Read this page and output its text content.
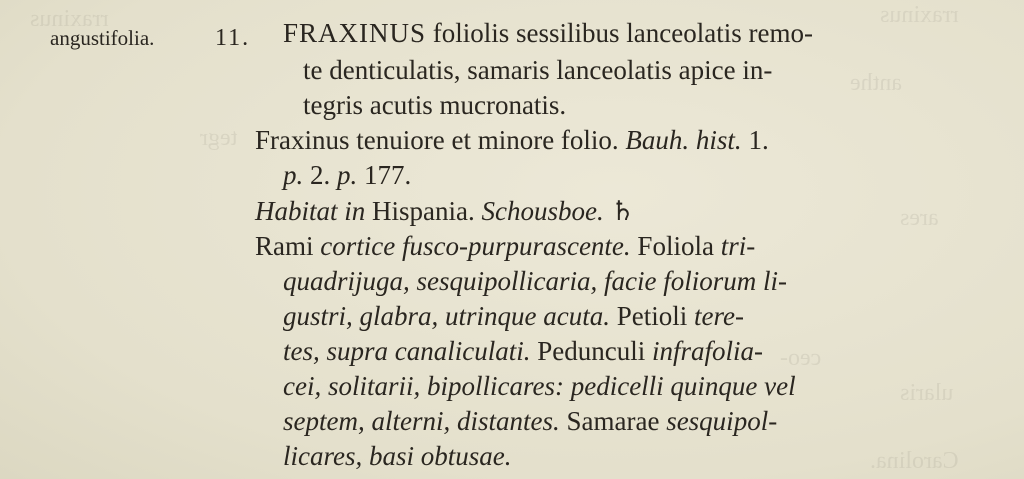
rraxinus	rraxinus
anthe
tegr
ares
ceo-
ularis
Carolina.
angustifolia.	11. FRAXINUS foliolis sessilibus lanceolatis remo-
te denticulatis, samaris lanceolatis apice in-
tegris acutis mucronatis.
Fraxinus tenuiore et minore folio. Bauh. hist. 1.
p. 2. p. 177.
Habitat in Hispania. Schousboe. ♄
Rami cortice fusco-purpurascente. Foliola tri-
quadrijuga, sesquipollicaria, facie foliorum li-
gustri, glabra, utrinque acuta. Petioli tere-
tes, supra canaliculati. Pedunculi infrafolia-
cei, solitarii, bipollicares: pedicelli quinque vel
septem, alterni, distantes. Samarae sesquipol-
licares, basi obtusae.
